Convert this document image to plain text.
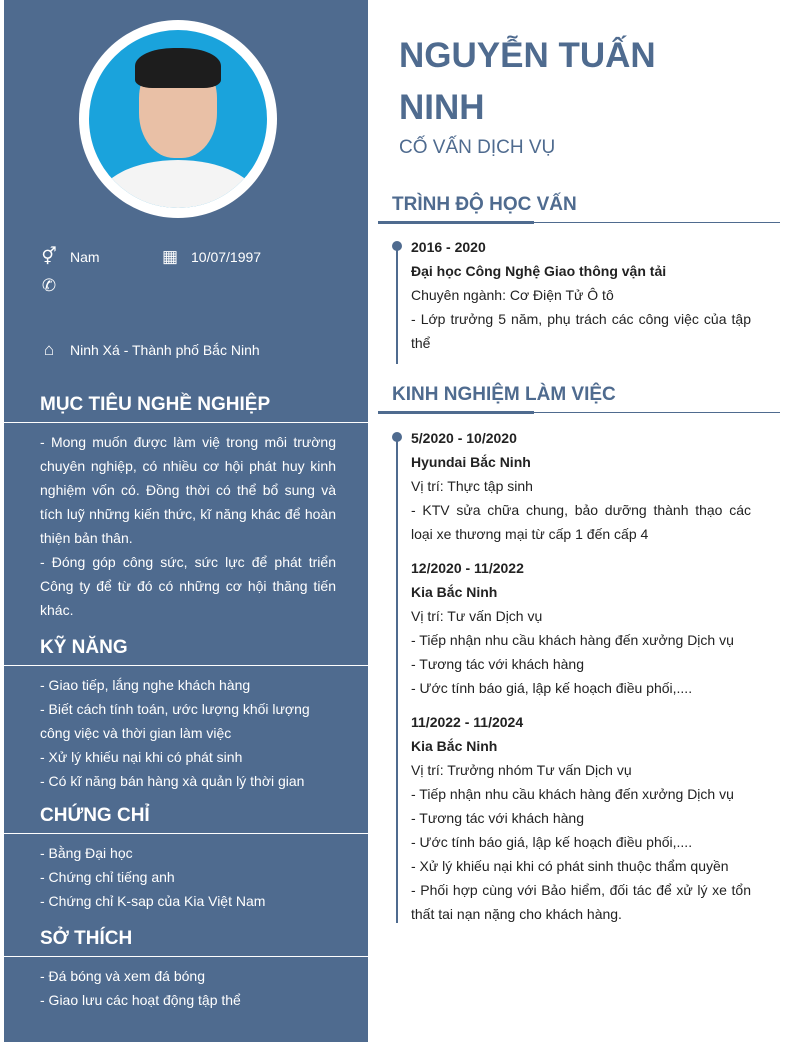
⚥ Nam	▦ 10/07/1997
✆
⌂	Ninh Xá - Thành phố Bắc Ninh
MỤC TIÊU NGHỀ NGHIỆP
- Mong muốn được làm việ trong môi trường chuyên nghiệp, có nhiều cơ hội phát huy kinh nghiệm vốn có. Đồng thời có thể bổ sung và tích luỹ những kiến thức, kĩ năng khác để hoàn thiện bản thân.
- Đóng góp công sức, sức lực để phát triển Công ty để từ đó có những cơ hội thăng tiến khác.
KỸ NĂNG
- Giao tiếp, lắng nghe khách hàng
- Biết cách tính toán, ước lượng khối lượng công việc và thời gian làm việc
- Xử lý khiếu nại khi có phát sinh
- Có kĩ năng bán hàng xà quản lý thời gian
CHỨNG CHỈ
- Bằng Đại học
- Chứng chỉ tiếng anh
- Chứng chỉ K-sap của Kia Việt Nam
SỞ THÍCH
- Đá bóng và xem đá bóng
- Giao lưu các hoạt động tập thể
NGUYỄN TUẤN NINH
CỐ VẤN DỊCH VỤ
TRÌNH ĐỘ HỌC VẤN
2016 - 2020
Đại học Công Nghệ Giao thông vận tải
Chuyên ngành: Cơ Điện Tử Ô tô
- Lớp trưởng 5 năm, phụ trách các công việc của tập thể
KINH NGHIỆM LÀM VIỆC
5/2020 - 10/2020
Hyundai Bắc Ninh
Vị trí: Thực tập sinh
- KTV sửa chữa chung, bảo dưỡng thành thạo các loại xe thương mại từ cấp 1 đến cấp 4
12/2020 - 11/2022
Kia Bắc Ninh
Vị trí: Tư vấn Dịch vụ
- Tiếp nhận nhu cầu khách hàng đến xưởng Dịch vụ
- Tương tác với khách hàng
- Ước tính báo giá, lập kế hoạch điều phối,....
11/2022 - 11/2024
Kia Bắc Ninh
Vị trí: Trưởng nhóm Tư vấn Dịch vụ
- Tiếp nhận nhu cầu khách hàng đến xưởng Dịch vụ
- Tương tác với khách hàng
- Ước tính báo giá, lập kế hoạch điều phối,....
- Xử lý khiếu nại khi có phát sinh thuộc thẩm quyền
- Phối hợp cùng với Bảo hiểm, đối tác để xử lý xe tổn thất tai nạn nặng cho khách hàng.
